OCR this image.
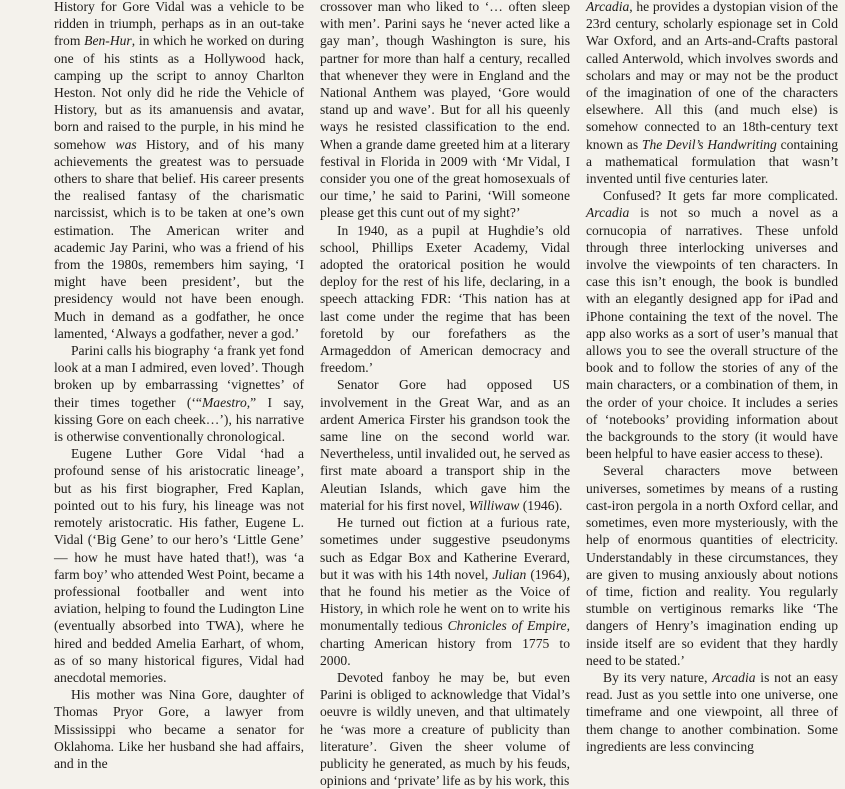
History for Gore Vidal was a vehicle to be ridden in triumph, perhaps as in an out-take from Ben-Hur, in which he worked on during one of his stints as a Hollywood hack, camping up the script to annoy Charlton Heston. Not only did he ride the Vehicle of History, but as its amanuensis and avatar, born and raised to the purple, in his mind he somehow was History, and of his many achievements the greatest was to persuade others to share that belief. His career presents the realised fantasy of the charismatic narcissist, which is to be taken at one’s own estimation. The American writer and academic Jay Parini, who was a friend of his from the 1980s, remembers him saying, ‘I might have been president’, but the presidency would not have been enough. Much in demand as a godfather, he once lamented, ‘Always a godfather, never a god.’

Parini calls his biography ‘a frank yet fond look at a man I admired, even loved’. Though broken up by embarrassing ‘vignettes’ of their times together (‘“Maestro,” I say, kissing Gore on each cheek…’), his narrative is otherwise conventionally chronological.

Eugene Luther Gore Vidal ‘had a profound sense of his aristocratic lineage’, but as his first biographer, Fred Kaplan, pointed out to his fury, his lineage was not remotely aristocratic. His father, Eugene L. Vidal (‘Big Gene’ to our hero’s ‘Little Gene’ — how he must have hated that!), was ‘a farm boy’ who attended West Point, became a professional footballer and went into aviation, helping to found the Ludington Line (eventually absorbed into TWA), where he hired and bedded Amelia Earhart, of whom, as of so many historical figures, Vidal had anecdotal memories.

His mother was Nina Gore, daughter of Thomas Pryor Gore, a lawyer from Mississippi who became a senator for Oklahoma. Like her husband she had affairs, and in the

crossover man who liked to ‘… often sleep with men’. Parini says he ‘never acted like a gay man’, though Washington is sure, his partner for more than half a century, recalled that whenever they were in England and the National Anthem was played, ‘Gore would stand up and wave’. But for all his queenly ways he resisted classification to the end. When a grande dame greeted him at a literary festival in Florida in 2009 with ‘Mr Vidal, I consider you one of the great homosexuals of our time,’ he said to Parini, ‘Will someone please get this cunt out of my sight?’

In 1940, as a pupil at Hughdie’s old school, Phillips Exeter Academy, Vidal adopted the oratorical position he would deploy for the rest of his life, declaring, in a speech attacking FDR: ‘This nation has at last come under the regime that has been foretold by our forefathers as the Armageddon of American democracy and freedom.’

Senator Gore had opposed US involvement in the Great War, and as an ardent America Firster his grandson took the same line on the second world war. Nevertheless, until invalided out, he served as first mate aboard a transport ship in the Aleutian Islands, which gave him the material for his first novel, Williwaw (1946).

He turned out fiction at a furious rate, sometimes under suggestive pseudonyms such as Edgar Box and Katherine Everard, but it was with his 14th novel, Julian (1964), that he found his metier as the Voice of History, in which role he went on to write his monumentally tedious Chronicles of Empire, charting American history from 1775 to 2000.

Devoted fanboy he may be, but even Parini is obliged to acknowledge that Vidal’s oeuvre is wildly uneven, and that ultimately he ‘was more a creature of publicity than literature’. Given the sheer volume of publicity he generated, as much by his feuds, opinions and ‘private’ life as by his work, this

Arcadia, he provides a dystopian vision of the 23rd century, scholarly espionage set in Cold War Oxford, and an Arts-and-Crafts pastoral called Anterwold, which involves swords and scholars and may or may not be the product of the imagination of one of the characters elsewhere. All this (and much else) is somehow connected to an 18th-century text known as The Devil’s Handwriting containing a mathematical formulation that wasn’t invented until five centuries later.

Confused? It gets far more complicated. Arcadia is not so much a novel as a cornucopia of narratives. These unfold through three interlocking universes and involve the viewpoints of ten characters. In case this isn’t enough, the book is bundled with an elegantly designed app for iPad and iPhone containing the text of the novel. The app also works as a sort of user’s manual that allows you to see the overall structure of the book and to follow the stories of any of the main characters, or a combination of them, in the order of your choice. It includes a series of ‘notebooks’ providing information about the backgrounds to the story (it would have been helpful to have easier access to these).

Several characters move between universes, sometimes by means of a rusting cast-iron pergola in a north Oxford cellar, and sometimes, even more mysteriously, with the help of enormous quantities of electricity. Understandably in these circumstances, they are given to musing anxiously about notions of time, fiction and reality. You regularly stumble on vertiginous remarks like ‘The dangers of Henry’s imagination ending up inside itself are so evident that they hardly need to be stated.’

By its very nature, Arcadia is not an easy read. Just as you settle into one universe, one timeframe and one viewpoint, all three of them change to another combination. Some ingredients are less convincing
